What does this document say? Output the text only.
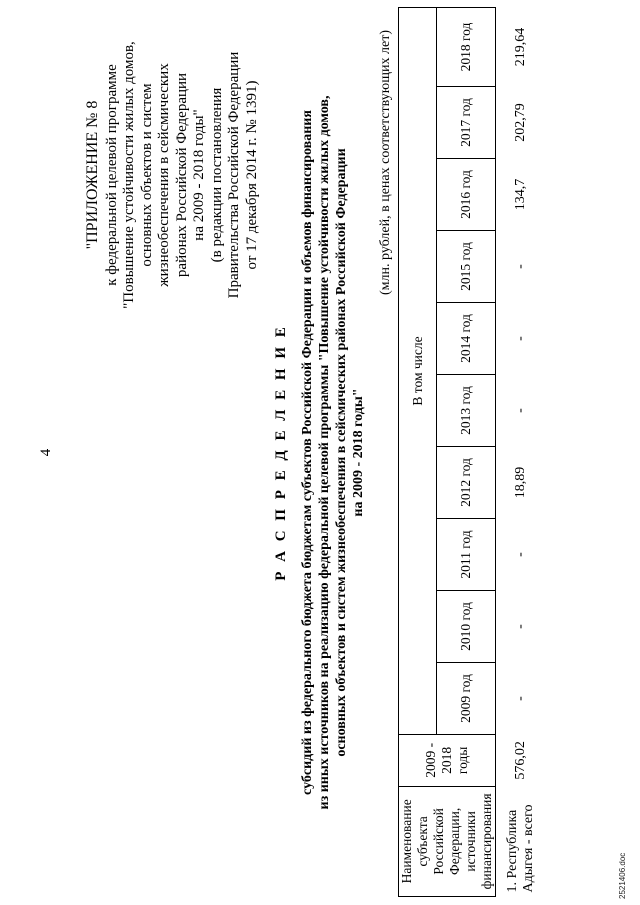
4
"ПРИЛОЖЕНИЕ № 8 к федеральной целевой программе "Повышение устойчивости жилых домов, основных объектов и систем жизнеобеспечения в сейсмических районах Российской Федерации на 2009 - 2018 годы" (в редакции постановления Правительства Российской Федерации от 17 декабря 2014 г. № 1391)
Р А С П Р Е Д Е Л Е Н И Е субсидий из федерального бюджета бюджетам субъектов Российской Федерации и объемов финансирования из иных источников на реализацию федеральной целевой программы "Повышение устойчивости жилых домов, основных объектов и систем жизнеобеспечения в сейсмических районах Российской Федерации на 2009 - 2018 годы"
(млн. рублей, в ценах соответствующих лет)
Наименование субъекта Российской Федерации, источники финансирования	2009 - 2018 годы	В том числе									
		2009 год	2010 год	2011 год	2012 год	2013 год	2014 год	2015 год	2016 год	2017 год	2018 год
1. Республика Адыгея - всего	576,02	-	-	-	18,89	-	-	-	134,7	202,79	219,64
2521406.doc
